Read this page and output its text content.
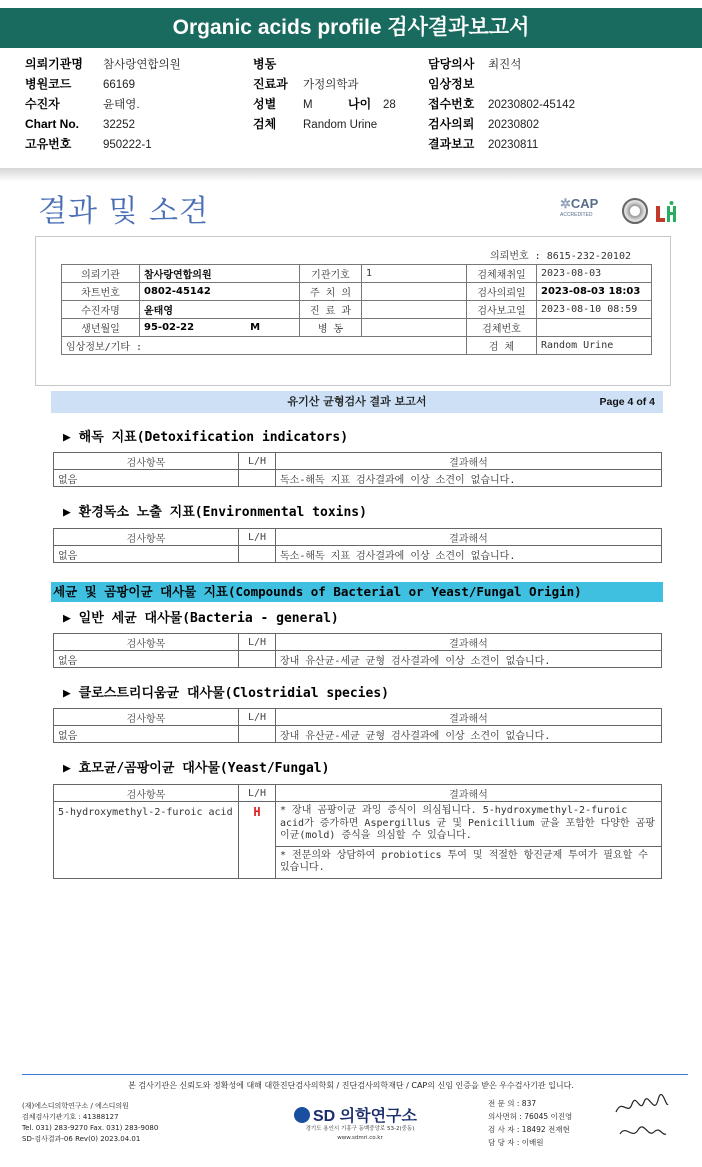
Organic acids profile 검사결과보고서
의뢰기관명 참사랑연합의원
병원코드	66169
수진자	윤태영.
Chart No. 32252
고유번호	950222-1
병동
진료과 가정의학과
성별 M	나이 28
검체 Random Urine
담당의사 최진석
임상정보
접수번호 20230802-45142
검사의뢰 20230802
결과보고 20230811
결과 및 소견	✲CAP
ACCREDITED
의뢰번호 : 8615-232-20102
의뢰기관	참사랑연합의원	기관기호	1	검체채취일	2023-08-03
차트번호	0802-45142	주 치 의		검사의뢰일	2023-08-03 18:03
수진자명	윤태영	진 료 과		검사보고일	2023-08-10 08:59
생년월일	95-02-22 M	병 동		검체번호	
임상정보/기타 :				검 체	Random Urine
유기산 균형검사 결과 보고서	Page 4 of 4
▶ 해독 지표(Detoxification indicators)
검사항목	L/H	결과해석
없음		독소-해독 지표 검사결과에 이상 소견이 없습니다.
▶ 환경독소 노출 지표(Environmental toxins)
검사항목	L/H	결과해석
없음		독소-해독 지표 검사결과에 이상 소견이 없습니다.
세균 및 곰팡이균 대사물 지표(Compounds of Bacterial or Yeast/Fungal Origin)
▶ 일반 세균 대사물(Bacteria - general)
검사항목	L/H	결과해석
없음		장내 유산균-세균 균형 검사결과에 이상 소견이 없습니다.
▶ 클로스트리디움균 대사물(Clostridial species)
검사항목	L/H	결과해석
없음		장내 유산균-세균 균형 검사결과에 이상 소견이 없습니다.
▶ 효모균/곰팡이균 대사물(Yeast/Fungal)
검사항목	L/H	결과해석
5-hydroxymethyl-2-furoic acid	H	* 장내 곰팡이균 과잉 증식이 의심됩니다. 5-hydroxymethyl-2-furoic acid가 증가하면 Aspergillus 균 및 Penicillium 균을 포함한 다양한 곰팡이균(mold) 증식을 의심할 수 있습니다.
		* 전문의와 상담하여 probiotics 투여 및 적절한 항진균제 투여가 필요할 수 있습니다.
본 검사기관은 신뢰도와 정확성에 대해 대한진단검사의학회 / 진단검사의학재단 / CAP의 신임 인증을 받은 우수검사기관 입니다.
(재)에스디의학연구소 / 에스디의원
검체검사기관기호 : 41388127
Tel. 031) 283-9270 Fax. 031) 283-9080
SD-검사결과-06 Rev(0) 2023.04.01
SD 의학연구소
경기도 용인시 기흥구 동백중앙로 53-2(중동)
www.sdmri.co.kr
전 문 의 : 837
의사면허 : 76045 이진영
검 사 자 : 18492 전재현
담 당 자 : 이배원
